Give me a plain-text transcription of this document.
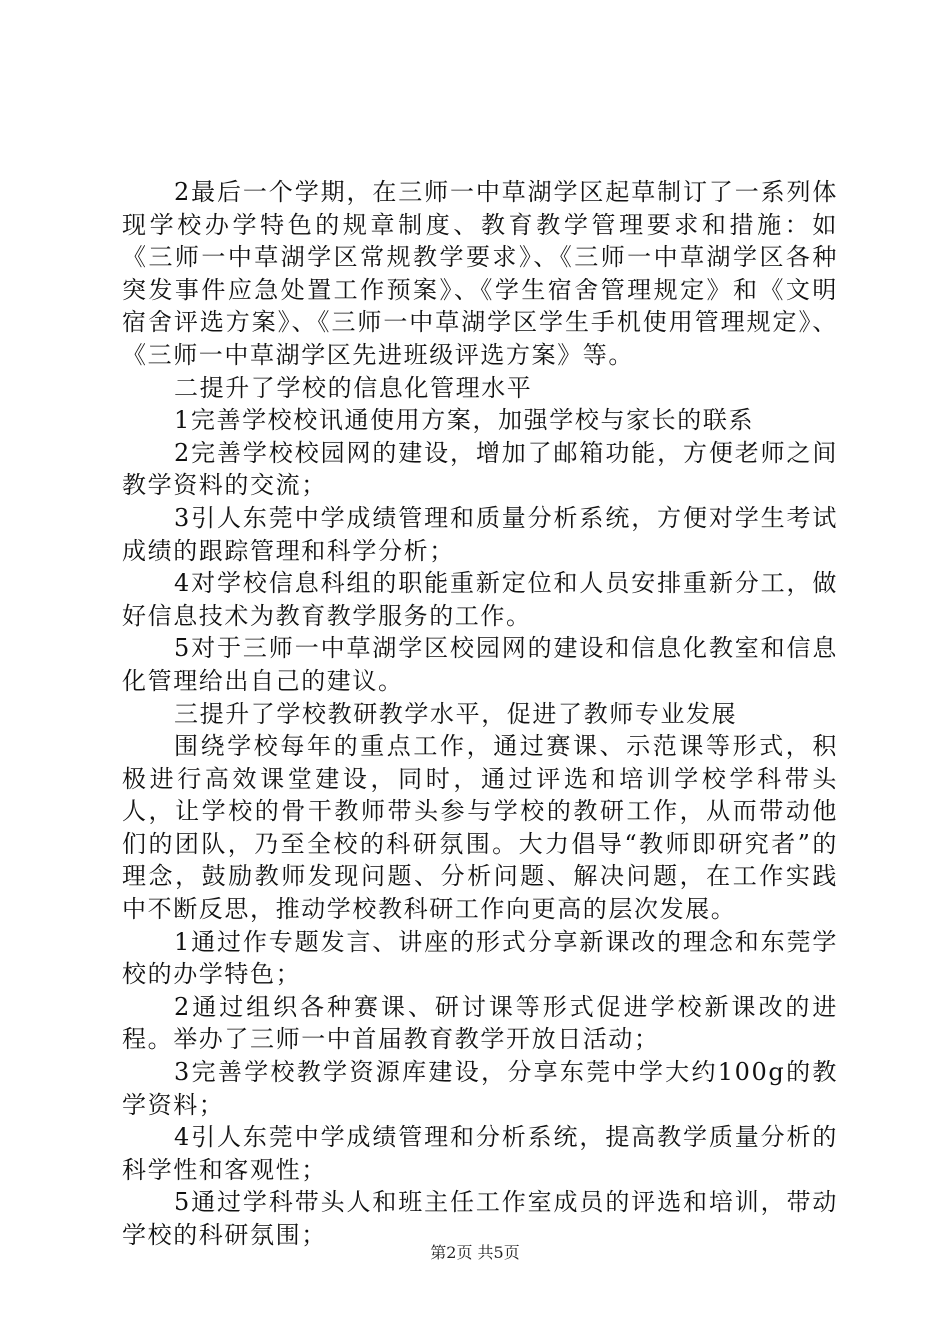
2最后一个学期，在三师一中草湖学区起草制订了一系列体现学校办学特色的规章制度、教育教学管理要求和措施：如《三师一中草湖学区常规教学要求》、《三师一中草湖学区各种突发事件应急处置工作预案》、《学生宿舍管理规定》和《文明宿舍评选方案》、《三师一中草湖学区学生手机使用管理规定》、《三师一中草湖学区先进班级评选方案》等。

二提升了学校的信息化管理水平

1完善学校校讯通使用方案，加强学校与家长的联系

2完善学校校园网的建设，增加了邮箱功能，方便老师之间教学资料的交流；

3引人东莞中学成绩管理和质量分析系统，方便对学生考试成绩的跟踪管理和科学分析；

4对学校信息科组的职能重新定位和人员安排重新分工，做好信息技术为教育教学服务的工作。

5对于三师一中草湖学区校园网的建设和信息化教室和信息化管理给出自己的建议。

三提升了学校教研教学水平，促进了教师专业发展

围绕学校每年的重点工作，通过赛课、示范课等形式，积极进行高效课堂建设，同时，通过评选和培训学校学科带头人，让学校的骨干教师带头参与学校的教研工作，从而带动他们的团队，乃至全校的科研氛围。大力倡导“教师即研究者”的理念，鼓励教师发现问题、分析问题、解决问题，在工作实践中不断反思，推动学校教科研工作向更高的层次发展。

1通过作专题发言、讲座的形式分享新课改的理念和东莞学校的办学特色；

2通过组织各种赛课、研讨课等形式促进学校新课改的进程。举办了三师一中首届教育教学开放日活动；

3完善学校教学资源库建设，分享东莞中学大约100g的教学资料；

4引人东莞中学成绩管理和分析系统，提高教学质量分析的科学性和客观性；

5通过学科带头人和班主任工作室成员的评选和培训，带动学校的科研氛围；

第2页 共5页
